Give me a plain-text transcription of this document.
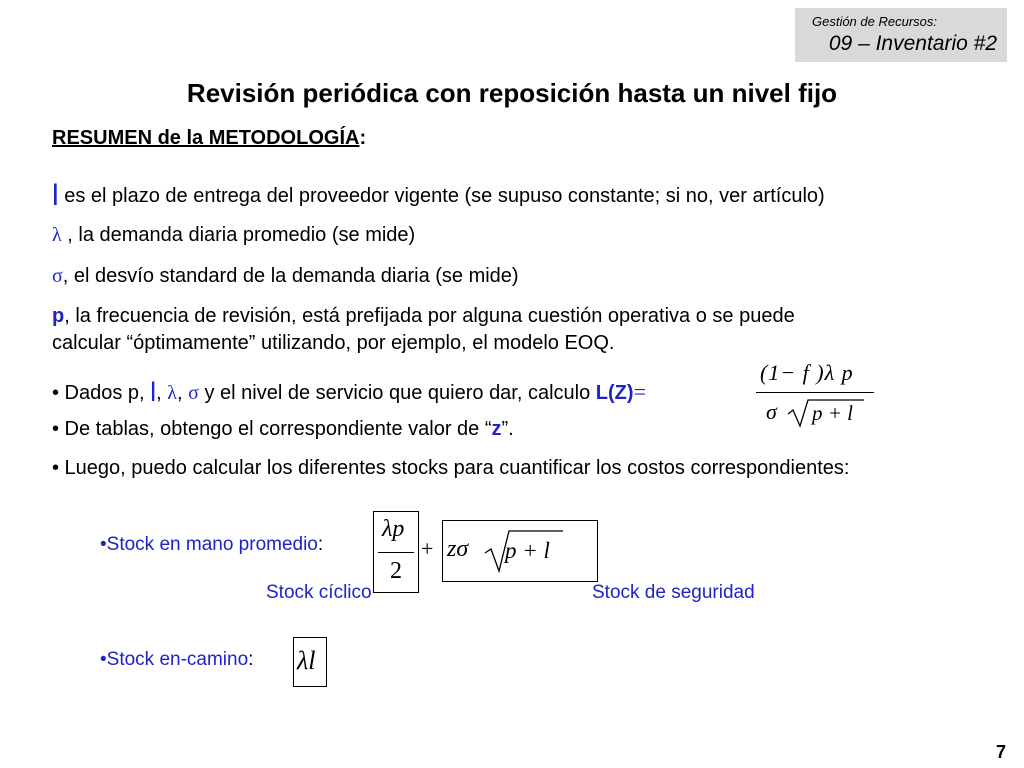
Gestión de Recursos:
09 – Inventario #2
Revisión periódica con reposición hasta un nivel fijo
RESUMEN de la METODOLOGÍA:
l es el plazo de entrega del proveedor vigente (se supuso constante; si no, ver artículo)
λ , la demanda diaria promedio (se mide)
σ, el desvío standard de la demanda diaria (se mide)
p, la frecuencia de revisión, está prefijada por alguna cuestión operativa o se puede
calcular “óptimamente” utilizando, por ejemplo, el modelo EOQ.
• Dados p, l, λ, σ y el nivel de servicio que quiero dar, calculo L(Z)=
(1− f )λ p
σ p + l
• De tablas, obtengo el correspondiente valor de “z”.
• Luego, puedo calcular los diferentes stocks para cuantificar los costos correspondientes:
•Stock en mano promedio:
λp
2
+ zσ p + l
Stock cíclico	Stock de seguridad
•Stock en-camino: λl
7
